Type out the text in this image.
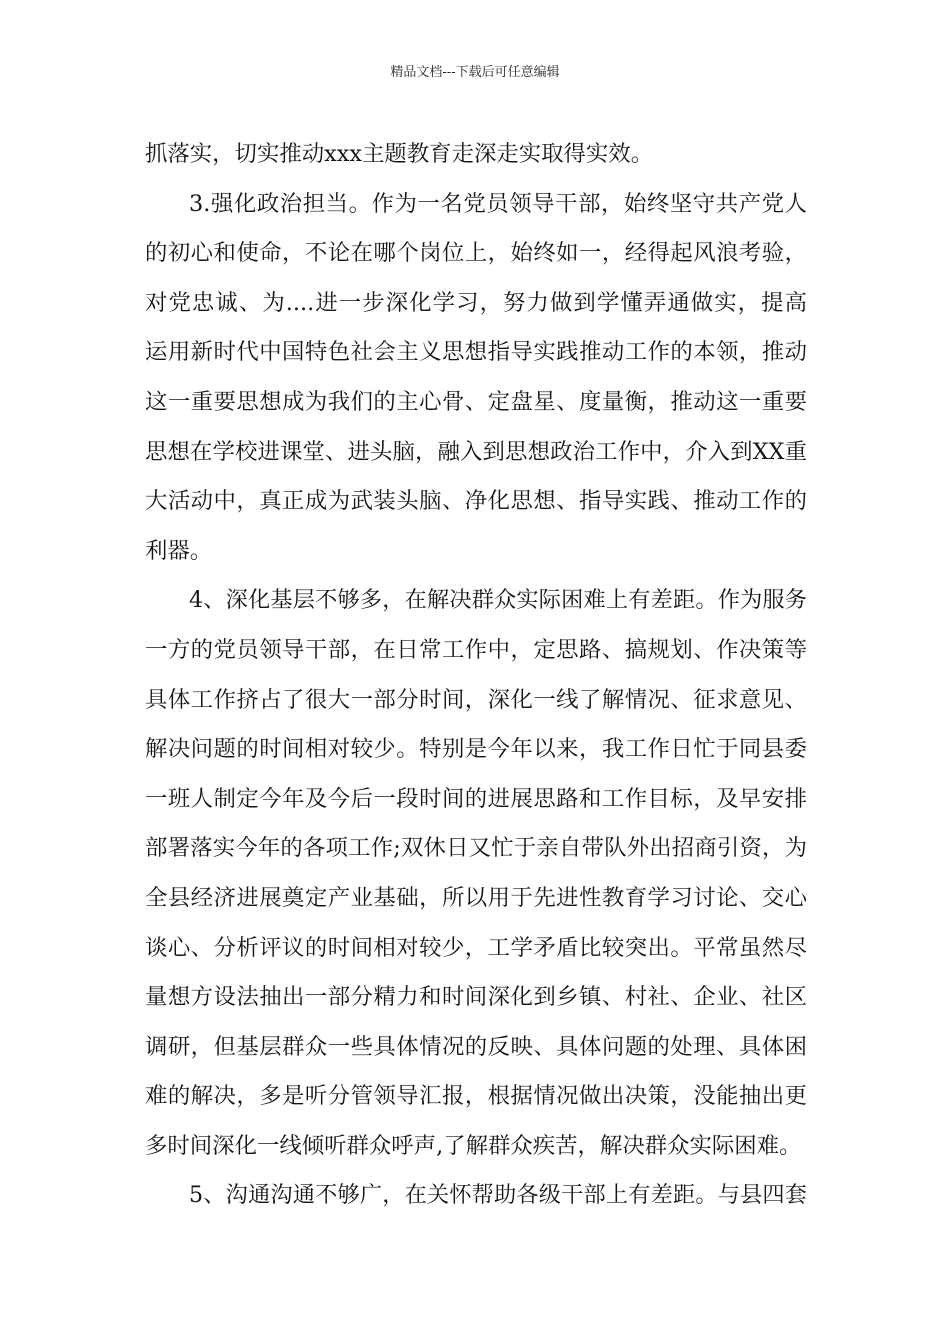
精品文档---下载后可任意编辑
抓落实，切实推动xxx主题教育走深走实取得实效。
3.强化政治担当。作为一名党员领导干部，始终坚守共产党人
的初心和使命，不论在哪个岗位上，始终如一，经得起风浪考验，
对党忠诚、为....进一步深化学习，努力做到学懂弄通做实，提高
运用新时代中国特色社会主义思想指导实践推动工作的本领，推动
这一重要思想成为我们的主心骨、定盘星、度量衡，推动这一重要
思想在学校进课堂、进头脑，融入到思想政治工作中，介入到XX重
大活动中，真正成为武装头脑、净化思想、指导实践、推动工作的
利器。
4、深化基层不够多，在解决群众实际困难上有差距。作为服务
一方的党员领导干部，在日常工作中，定思路、搞规划、作决策等
具体工作挤占了很大一部分时间，深化一线了解情况、征求意见、
解决问题的时间相对较少。特别是今年以来，我工作日忙于同县委
一班人制定今年及今后一段时间的进展思路和工作目标，及早安排
部署落实今年的各项工作;双休日又忙于亲自带队外出招商引资，为
全县经济进展奠定产业基础，所以用于先进性教育学习讨论、交心
谈心、分析评议的时间相对较少，工学矛盾比较突出。平常虽然尽
量想方设法抽出一部分精力和时间深化到乡镇、村社、企业、社区
调研，但基层群众一些具体情况的反映、具体问题的处理、具体困
难的解决，多是听分管领导汇报，根据情况做出决策，没能抽出更
多时间深化一线倾听群众呼声,了解群众疾苦，解决群众实际困难。
5、沟通沟通不够广，在关怀帮助各级干部上有差距。与县四套
